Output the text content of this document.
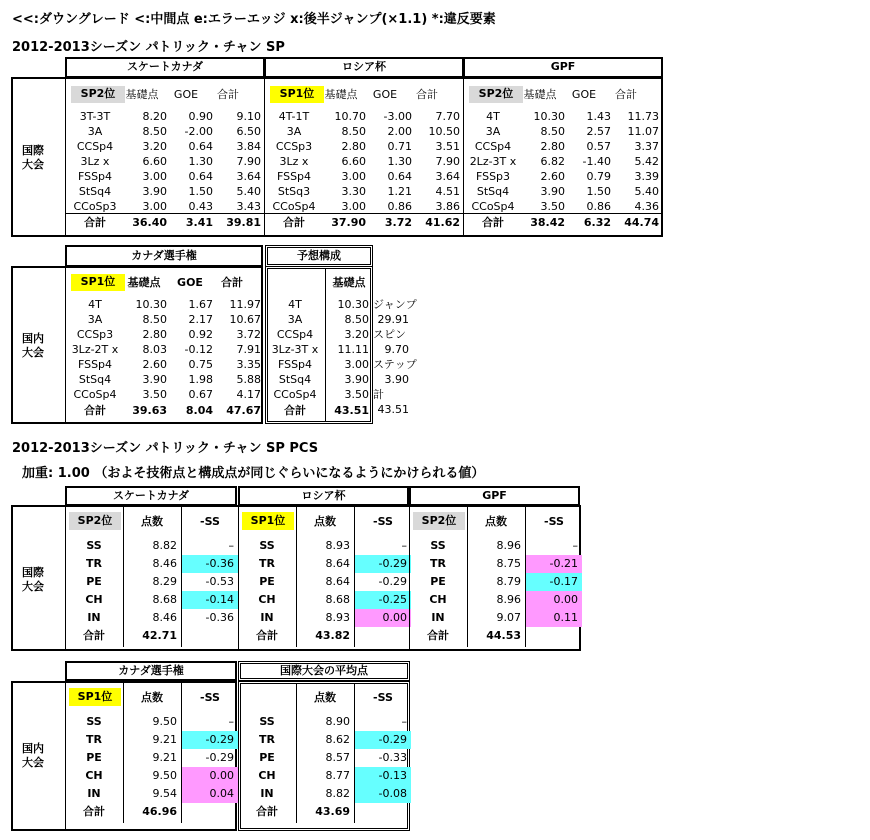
<<:ダウングレード <:中間点 e:エラーエッジ x:後半ジャンプ(×1.1) *:違反要素
2012-2013シーズン パトリック・チャン SP
2012-2013シーズン パトリック・チャン SP PCS
加重: 1.00 （およそ技術点と構成点が同じぐらいになるようにかけられる値）
国際
大会
スケートカナダ
SP2位 基礎点	GOE	合計
3T-3T	8.20	0.90	9.10
3A	8.50	-2.00	6.50
CCSp4	3.20	0.64	3.84
3Lz x	6.60	1.30	7.90
FSSp4	3.00	0.64	3.64
StSq4	3.90	1.50	5.40
CCoSp3	3.00	0.43	3.43
合計	36.40	3.41	39.81
ロシア杯
SP1位 基礎点	GOE	合計
4T-1T	10.70	-3.00	7.70
3A	8.50	2.00	10.50
CCSp3	2.80	0.71	3.51
3Lz x	6.60	1.30	7.90
FSSp4	3.00	0.64	3.64
StSq3	3.30	1.21	4.51
CCoSp4	3.00	0.86	3.86
合計	37.90	3.72	41.62
GPF
SP2位 基礎点	GOE	合計
4T	10.30	1.43	11.73
3A	8.50	2.57	11.07
CCSp4	2.80	0.57	3.37
2Lz-3T x	6.82	-1.40	5.42
FSSp3	2.60	0.79	3.39
StSq4	3.90	1.50	5.40
CCoSp4	3.50	0.86	4.36
合計	38.42	6.32	44.74
国内
大会
カナダ選手権
SP1位	基礎点	GOE	合計
4T	10.30	1.67	11.97
3A	8.50	2.17	10.67
CCSp3	2.80	0.92	3.72
3Lz-2T x	8.03	-0.12	7.91
FSSp4	2.60	0.75	3.35
StSq4	3.90	1.98	5.88
CCoSp4	3.50	0.67	4.17
合計	39.63	8.04	47.67
予想構成
基礎点
4T	10.30
3A	8.50
CCSp4	3.20
3Lz-3T x	11.11
FSSp4	3.00
StSq4	3.90
CCoSp4	3.50
合計	43.51
ジャンプ
29.91
スピン
9.70
ステップ
3.90
計
43.51
国際
大会
スケートカナダ
SP2位	点数	-SS
SS	8.82	–
TR	8.46	-0.36
PE	8.29	-0.53
CH	8.68	-0.14
IN	8.46	-0.36
合計	42.71
ロシア杯
SP1位	点数	-SS
SS	8.93	–
TR	8.64	-0.29
PE	8.64	-0.29
CH	8.68	-0.25
IN	8.93	0.00
合計	43.82
GPF
SP2位	点数	-SS
SS	8.96	–
TR	8.75	-0.21
PE	8.79	-0.17
CH	8.96	0.00
IN	9.07	0.11
合計	44.53
国内
大会
カナダ選手権
SP1位	点数	-SS
SS	9.50	–
TR	9.21	-0.29
PE	9.21	-0.29
CH	9.50	0.00
IN	9.54	0.04
合計	46.96
国際大会の平均点
点数	-SS
SS	8.90	–
TR	8.62	-0.29
PE	8.57	-0.33
CH	8.77	-0.13
IN	8.82	-0.08
合計	43.69
